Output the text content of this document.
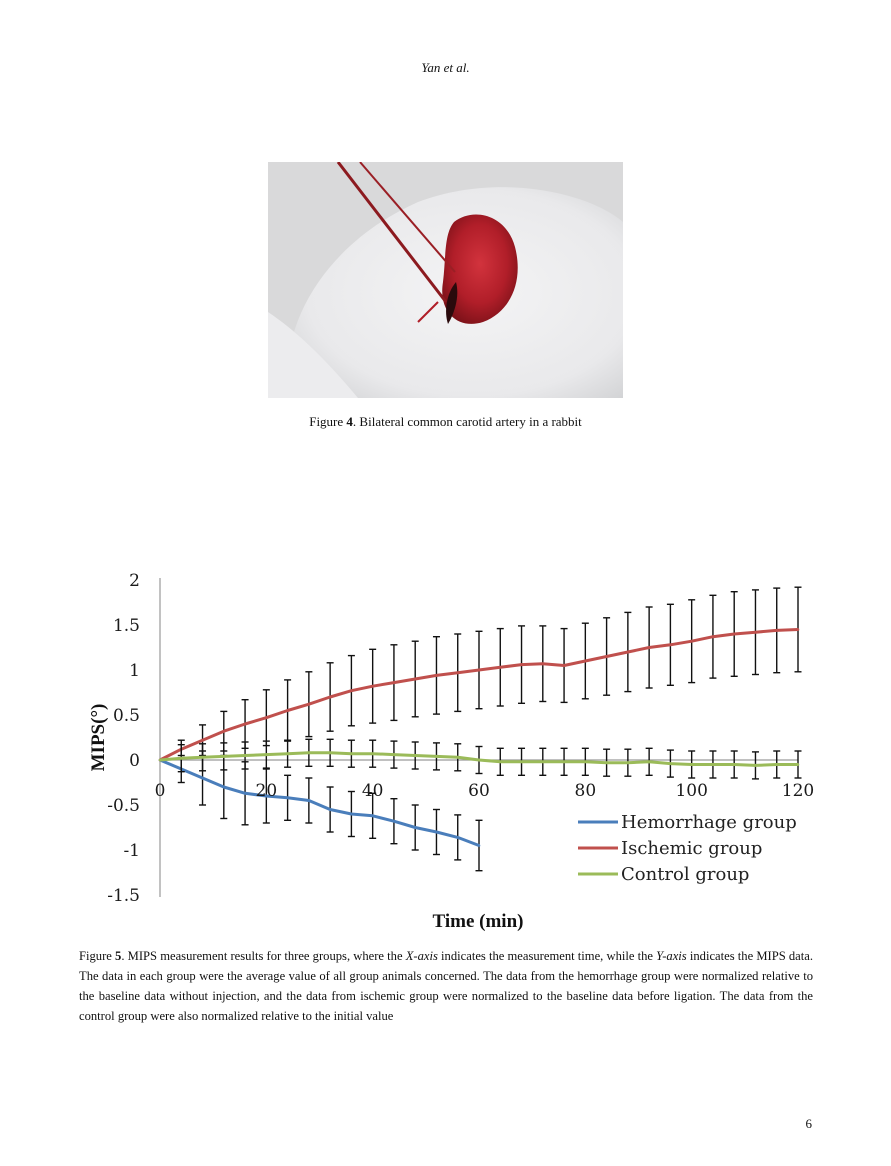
Yan et al.
Figure 4. Bilateral common carotid artery in a rabbit
2
1.5
1
0.5
0
-0.5
-1
-1.5
0	20	40	60	80	100	120
Time (min)
MIPS(°)
Hemorrhage group
Ischemic group
Control group
Figure 5. MIPS measurement results for three groups, where the X-axis indicates the measurement time, while the Y-axis indicates the MIPS data. The data in each group were the average value of all group animals concerned. The data from the hemorrhage group were normalized relative to the baseline data without injection, and the data from ischemic group were normalized to the baseline data before ligation. The data from the control group were also normalized relative to the initial value
6
